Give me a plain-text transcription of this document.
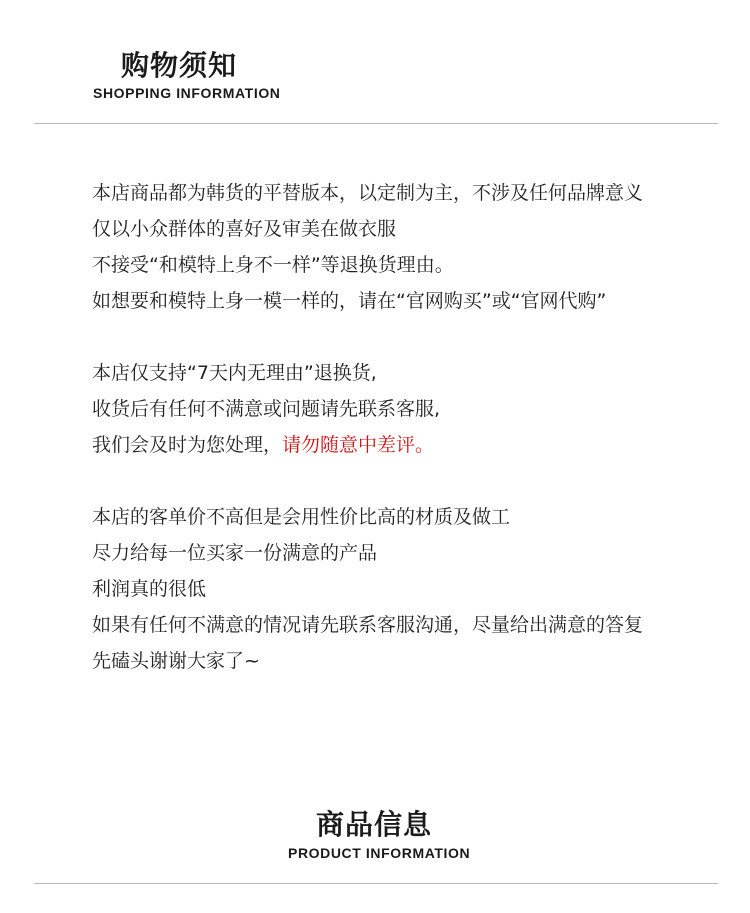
购物须知
SHOPPING INFORMATION
本店商品都为韩货的平替版本，以定制为主，不涉及任何品牌意义
仅以小众群体的喜好及审美在做衣服
不接受“和模特上身不一样”等退换货理由。
如想要和模特上身一模一样的，请在“官网购买”或“官网代购”
本店仅支持“7天内无理由”退换货,
收货后有任何不满意或问题请先联系客服,
我们会及时为您处理，请勿随意中差评。
本店的客单价不高但是会用性价比高的材质及做工
尽力给每一位买家一份满意的产品
利润真的很低
如果有任何不满意的情况请先联系客服沟通，尽量给出满意的答复
先磕头谢谢大家了~
商品信息
PRODUCT INFORMATION
